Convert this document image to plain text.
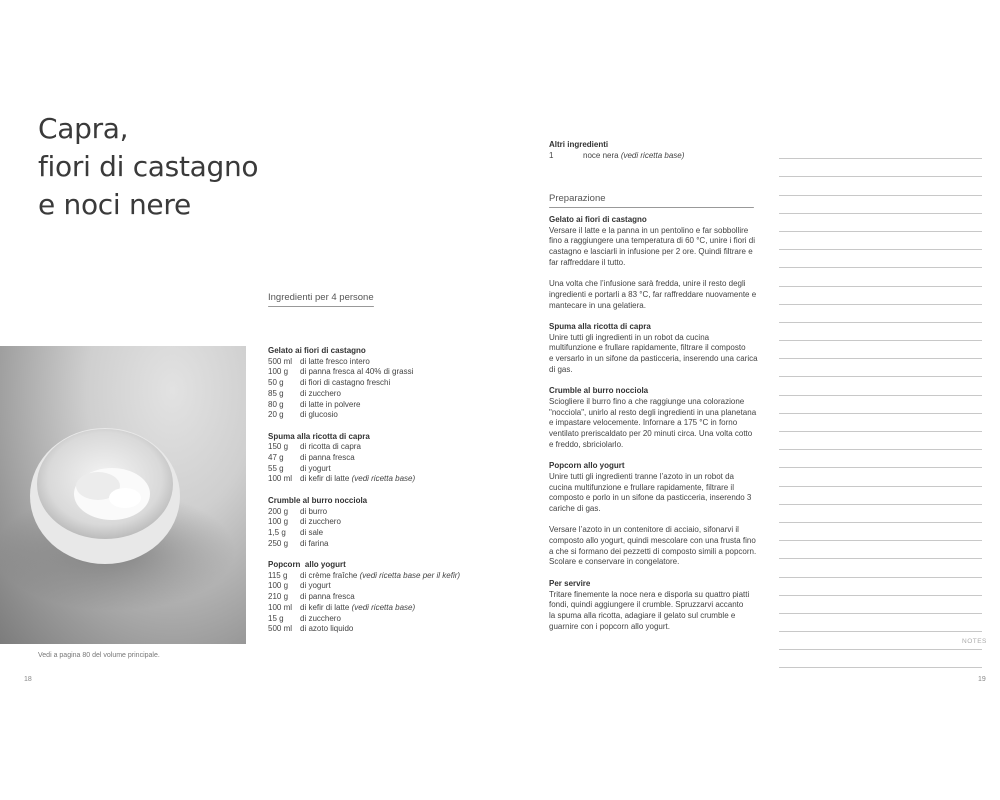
Capra,
fiori di castagno
e noci nere
Vedi a pagina 80 del volume principale.
18	19
Ingredienti per 4 persone
Gelato ai fiori di castagno
500 ml di latte fresco intero
100 g	di panna fresca al 40% di grassi
50 g	di fiori di castagno freschi
85 g	di zucchero
80 g	di latte in polvere
20 g	di glucosio
Spuma alla ricotta di capra
150 g	di ricotta di capra
47 g	di panna fresca
55 g	di yogurt
100 ml di kefir di latte (vedi ricetta base)
Crumble al burro nocciola
200 g	di burro
100 g	di zucchero
1,5 g	di sale
250 g	di farina
Popcorn allo yogurt
115 g	di crème fraîche (vedi ricetta base per il kefir)
100 g	di yogurt
210 g	di panna fresca
100 ml di kefir di latte (vedi ricetta base)
15 g	di zucchero
500 ml di azoto liquido
Altri ingredienti
1	noce nera (vedi ricetta base)
Preparazione
Gelato ai fiori di castagno

Versare il latte e la panna in un pentolino e far sobbollire
fino a raggiungere una temperatura di 60 °C, unire i fiori di
castagno e lasciarli in infusione per 2 ore. Quindi filtrare e
far raffreddare il tutto.

Una volta che l’infusione sarà fredda, unire il resto degli
ingredienti e portarli a 83 °C, far raffreddare nuovamente e
mantecare in una gelatiera.

Spuma alla ricotta di capra

Unire tutti gli ingredienti in un robot da cucina
multifunzione e frullare rapidamente, filtrare il composto
e versarlo in un sifone da pasticceria, inserendo una carica
di gas.

Crumble al burro nocciola

Sciogliere il burro fino a che raggiunge una colorazione
"nocciola", unirlo al resto degli ingredienti in una planetana
e impastare velocemente. Infornare a 175 °C in forno
ventilato preriscaldato per 20 minuti circa. Una volta cotto
e freddo, sbriciolarlo.

Popcorn allo yogurt

Unire tutti gli ingredienti tranne l’azoto in un robot da
cucina multifunzione e frullare rapidamente, filtrare il
composto e porlo in un sifone da pasticceria, inserendo 3
cariche di gas.

Versare l’azoto in un contenitore di acciaio, sifonarvi il
composto allo yogurt, quindi mescolare con una frusta fino
a che si formano dei pezzetti di composto simili a popcorn.
Scolare e conservare in congelatore.

Per servire

Tritare finemente la noce nera e disporla su quattro piatti
fondi, quindi aggiungere il crumble. Spruzzarvi accanto
la spuma alla ricotta, adagiare il gelato sul crumble e
guarnire con i popcorn allo yogurt.

NOTES
